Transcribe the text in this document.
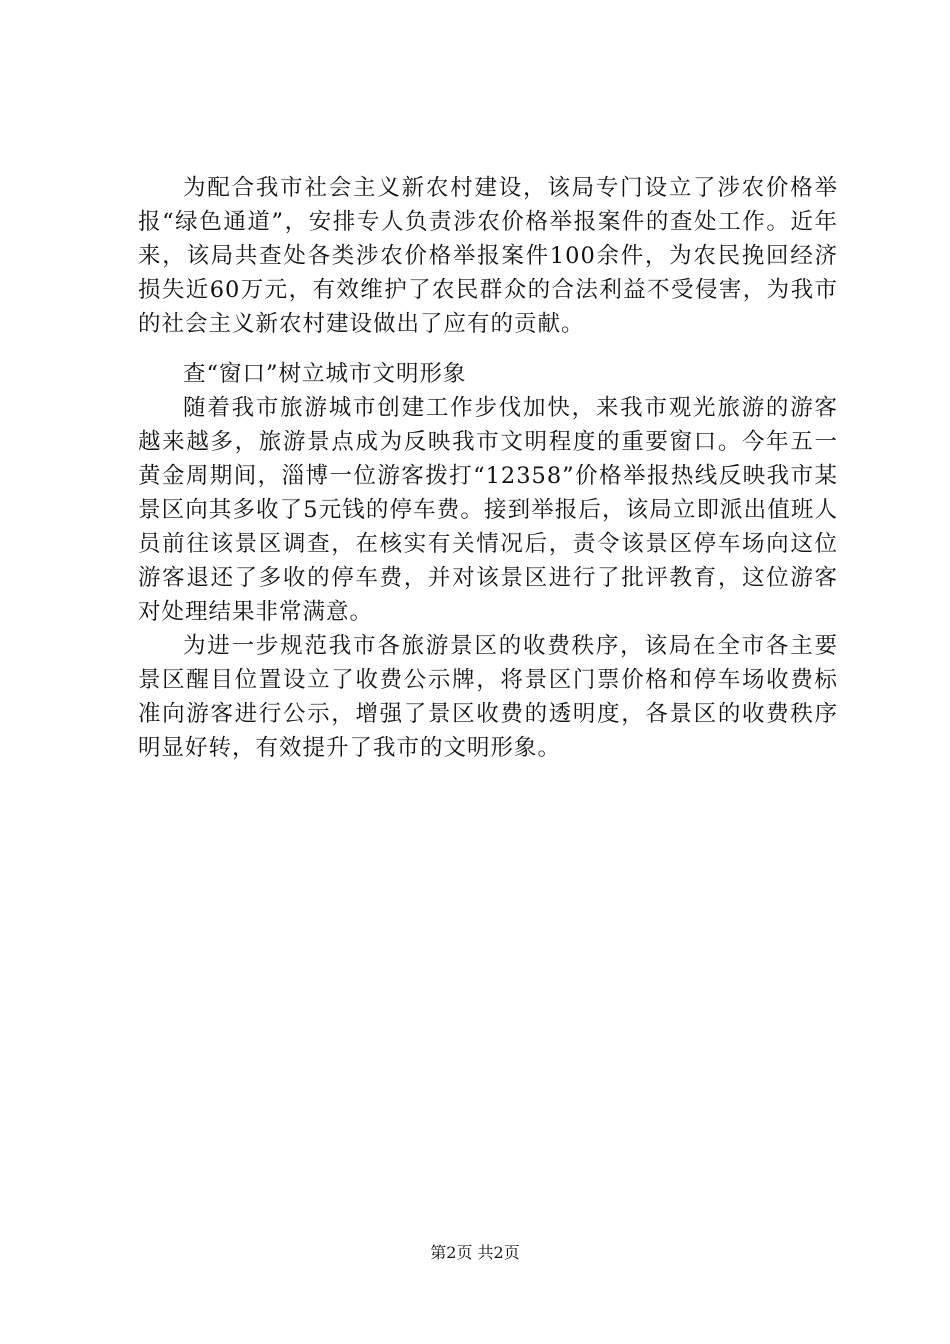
为配合我市社会主义新农村建设，该局专门设立了涉农价格举报“绿色通道”，安排专人负责涉农价格举报案件的查处工作。近年来，该局共查处各类涉农价格举报案件100余件，为农民挽回经济损失近60万元，有效维护了农民群众的合法利益不受侵害，为我市的社会主义新农村建设做出了应有的贡献。

查“窗口”树立城市文明形象

随着我市旅游城市创建工作步伐加快，来我市观光旅游的游客越来越多，旅游景点成为反映我市文明程度的重要窗口。今年五一黄金周期间，淄博一位游客拨打“12358”价格举报热线反映我市某景区向其多收了5元钱的停车费。接到举报后，该局立即派出值班人员前往该景区调查，在核实有关情况后，责令该景区停车场向这位游客退还了多收的停车费，并对该景区进行了批评教育，这位游客对处理结果非常满意。

为进一步规范我市各旅游景区的收费秩序，该局在全市各主要景区醒目位置设立了收费公示牌，将景区门票价格和停车场收费标准向游客进行公示，增强了景区收费的透明度，各景区的收费秩序明显好转，有效提升了我市的文明形象。

第2页 共2页
